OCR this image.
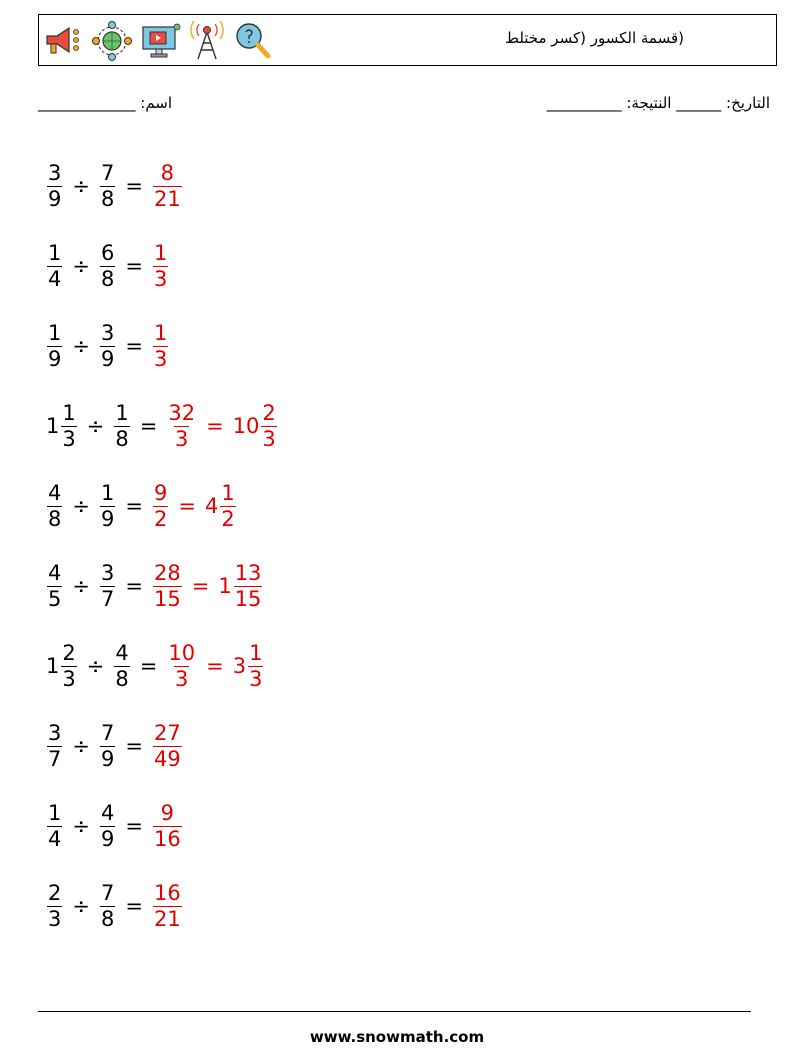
(قسمة الكسور (كسر مختلط
اسم: _____________	التاريخ: ______ النتيجة: __________
$\frac{3}{9} \div \frac{7}{8} = \frac{8}{21}$
$\frac{1}{4} \div \frac{6}{8} = \frac{1}{3}$
$\frac{1}{9} \div \frac{3}{9} = \frac{1}{3}$
$1 \frac{1}{3} \div \frac{1}{8} = \frac{32}{3} = 10 \frac{2}{3}$
$\frac{4}{8} \div \frac{1}{9} = \frac{9}{2} = 4 \frac{1}{2}$
$\frac{4}{5} \div \frac{3}{7} = \frac{28}{15} = 1 \frac{13}{15}$
$1 \frac{2}{3} \div \frac{4}{8} = \frac{10}{3} = 3 \frac{1}{3}$
$\frac{3}{7} \div \frac{7}{9} = \frac{27}{49}$
$\frac{1}{4} \div \frac{4}{9} = \frac{9}{16}$
$\frac{2}{3} \div \frac{7}{8} = \frac{16}{21}$
www.snowmath.com
